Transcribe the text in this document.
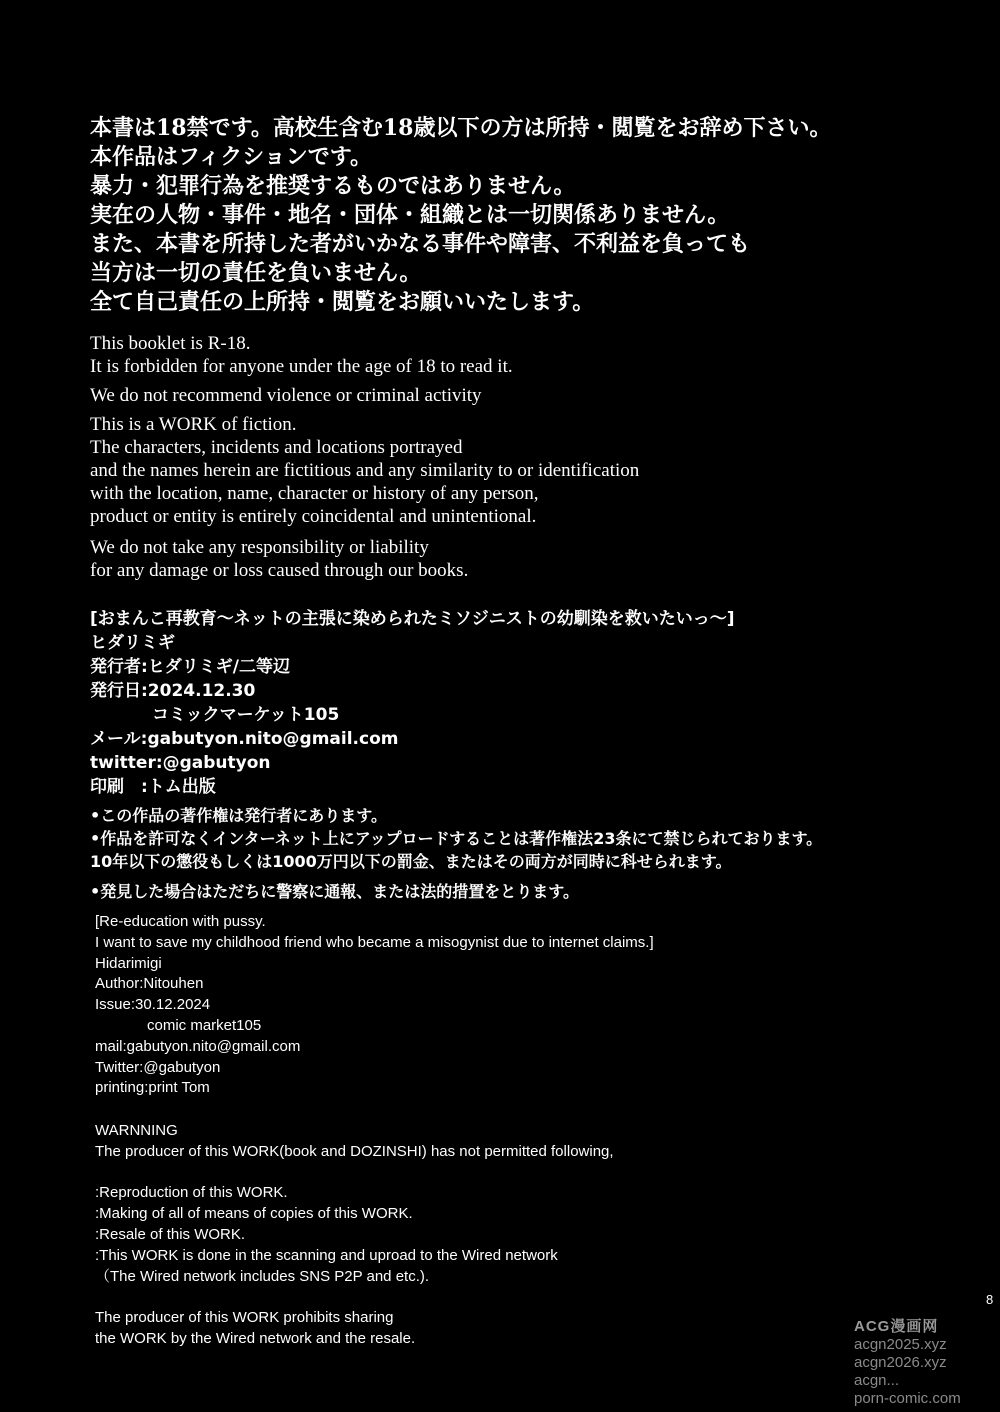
本書は18禁です。高校生含む18歳以下の方は所持・閲覧をお辞め下さい。
本作品はフィクションです。
暴力・犯罪行為を推奨するものではありません。
実在の人物・事件・地名・団体・組織とは一切関係ありません。
また、本書を所持した者がいかなる事件や障害、不利益を負っても
当方は一切の責任を負いません。
全て自己責任の上所持・閲覧をお願いいたします。
This booklet is R-18.
It is forbidden for anyone under the age of 18 to read it.
We do not recommend violence or criminal activity
This is a WORK of fiction.
The characters, incidents and locations portrayed
and the names herein are fictitious and any similarity to or identification
with the location, name, character or history of any person,
product or entity is entirely coincidental and unintentional.
We do not take any responsibility or liability
for any damage or loss caused through our books.
[おまんこ再教育〜ネットの主張に染められたミソジニストの幼馴染を救いたいっ〜]
ヒダリミギ
発行者:ヒダリミギ/二等辺
発行日:2024.12.30
コミックマーケット105
メール:gabutyon.nito@gmail.com
twitter:@gabutyon
印刷　:トム出版
•この作品の著作権は発行者にあります。
•作品を許可なくインターネット上にアップロードすることは著作権法23条にて禁じられております。
10年以下の懲役もしくは1000万円以下の罰金、またはその両方が同時に科せられます。
•発見した場合はただちに警察に通報、または法的措置をとります。
[Re-education with pussy.
I want to save my childhood friend who became a misogynist due to internet claims.]
Hidarimigi
Author:Nitouhen
Issue:30.12.2024
comic market105
mail:gabutyon.nito@gmail.com
Twitter:@gabutyon
printing:print Tom
WARNNING
The producer of this WORK(book and DOZINSHI) has not permitted following,

:Reproduction of this WORK.
:Making of all of means of copies of this WORK.
:Resale of this WORK.
:This WORK is done in the scanning and uproad to the Wired network
（The Wired network includes SNS P2P and etc.).

The producer of this WORK prohibits sharing
the WORK by the Wired network and the resale.
8
ACG漫画网
acgn2025.xyz
acgn2026.xyz
acgn...
porn-comic.com
